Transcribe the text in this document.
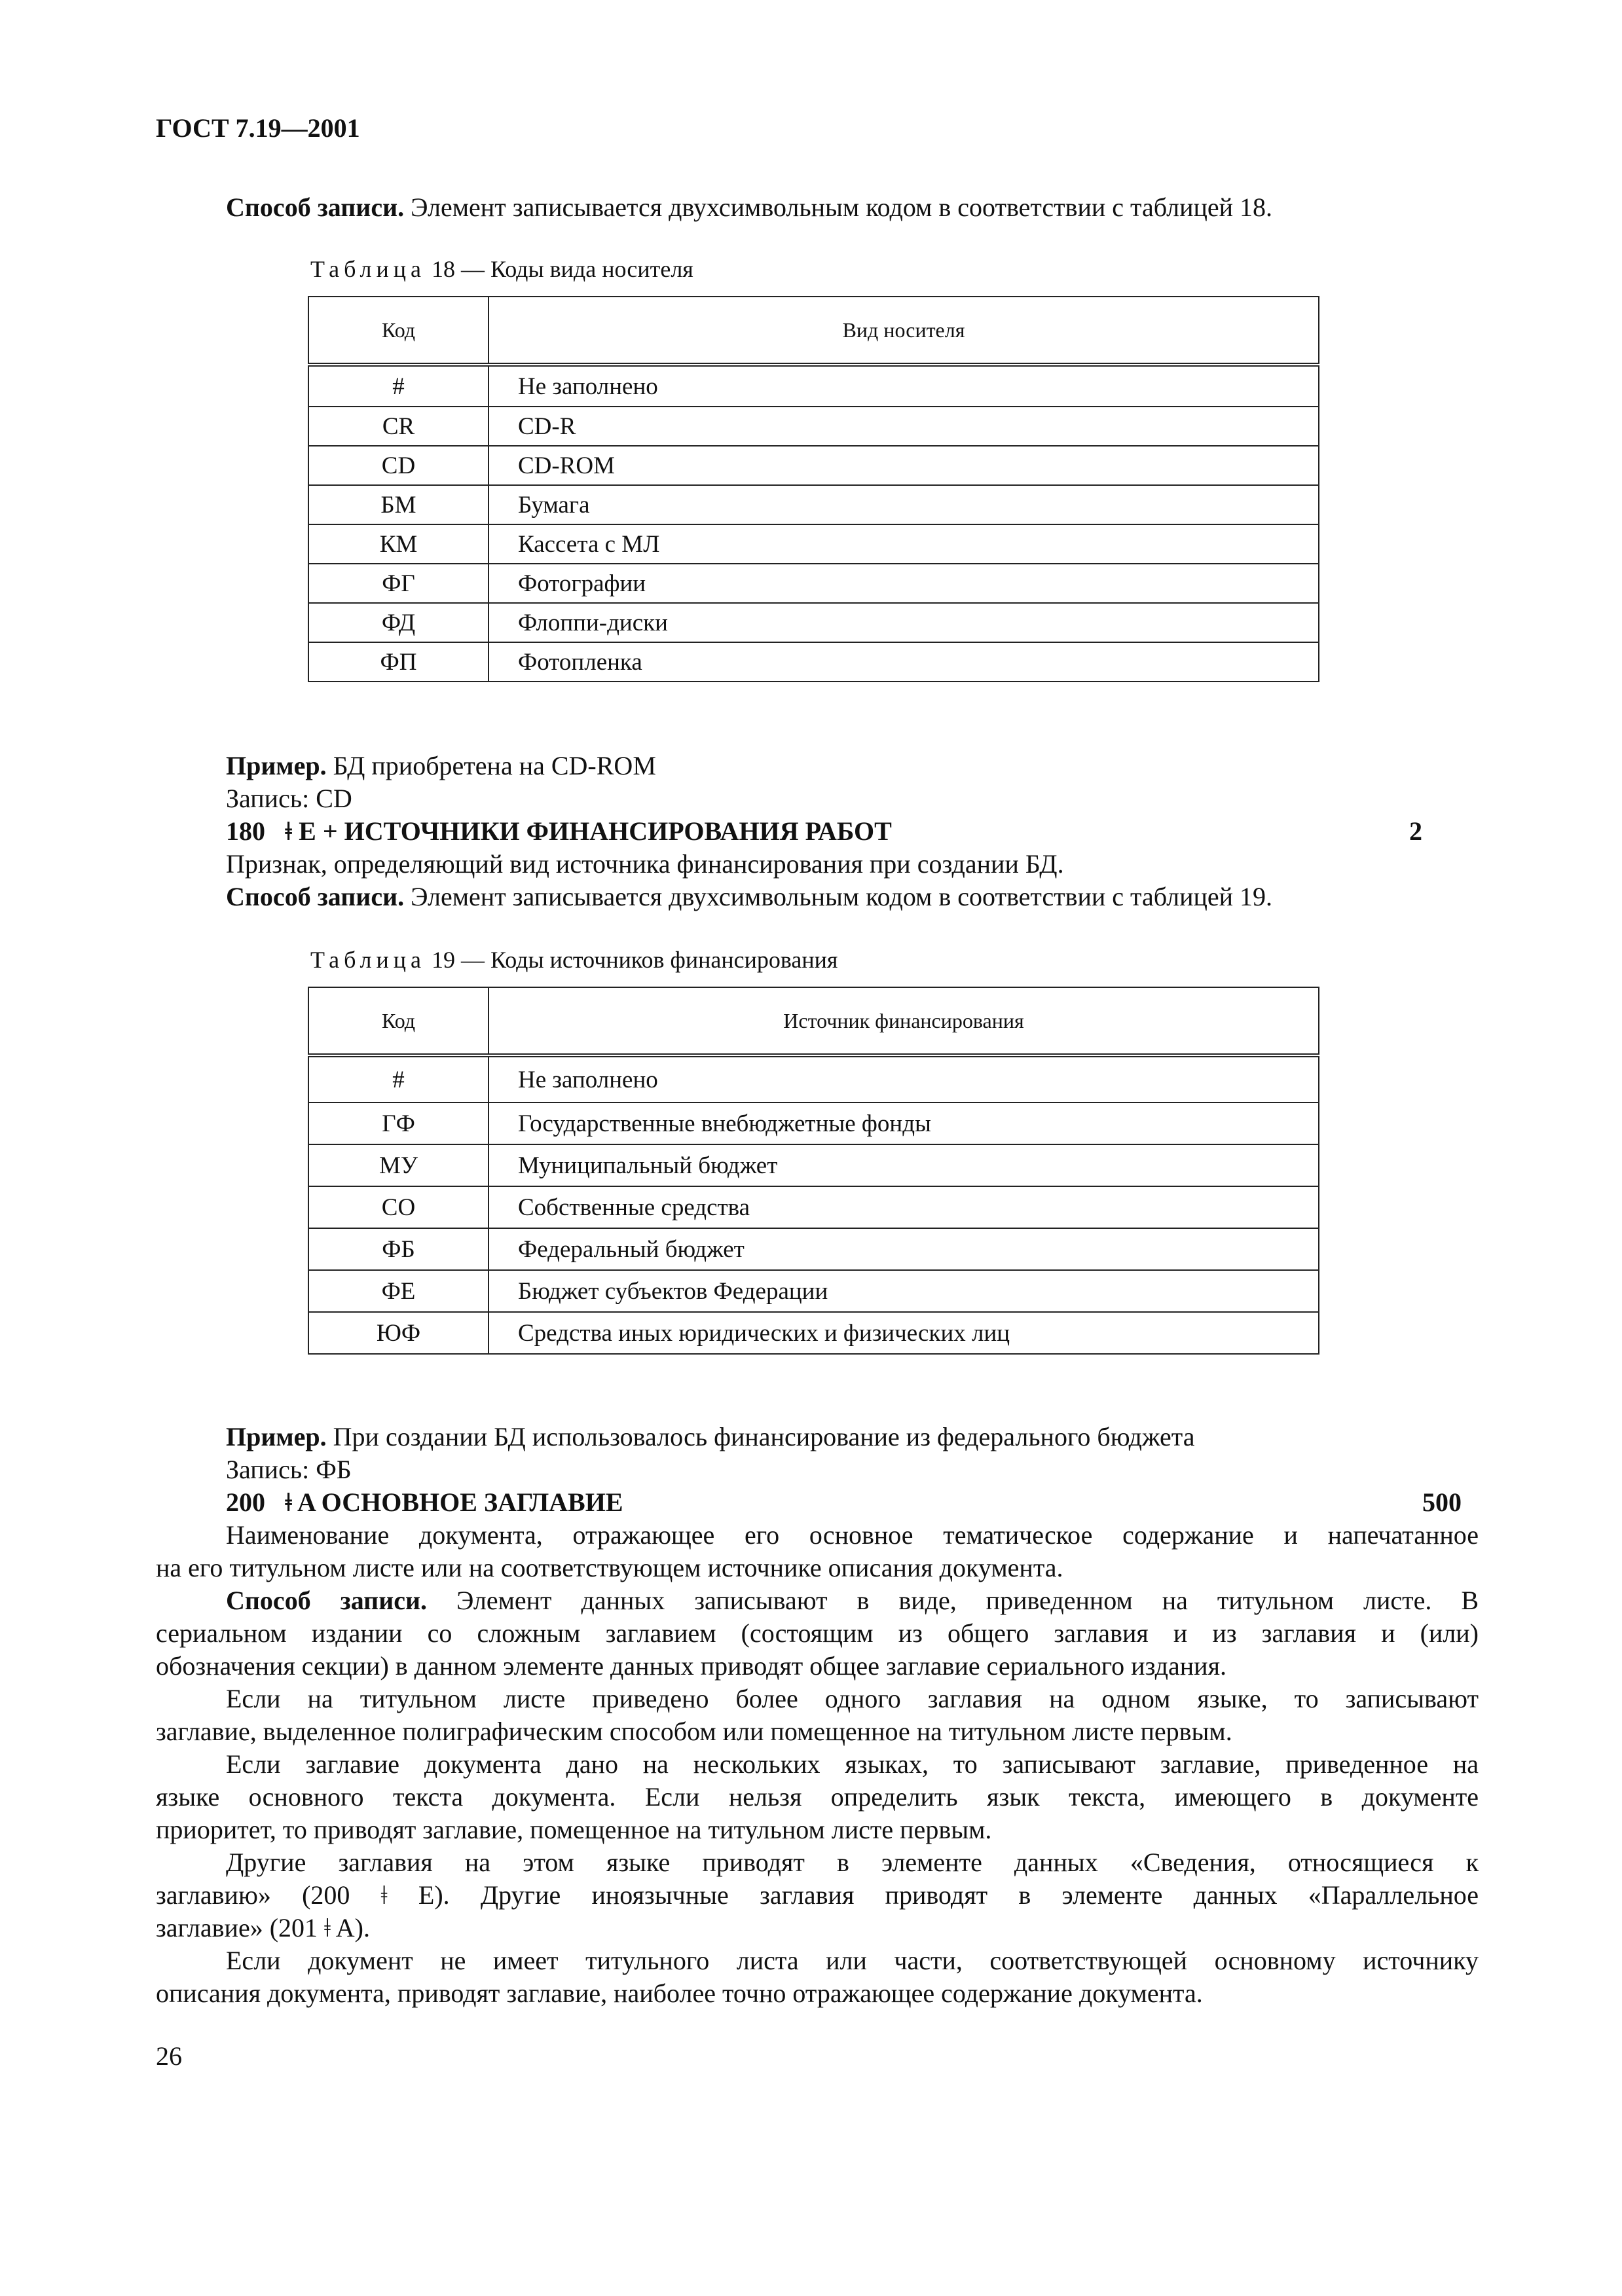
ГОСТ 7.19—2001
Способ записи. Элемент записывается двухсимвольным кодом в соответствии с таблицей 18.
Таблица 18 — Коды вида носителя
Код	Вид носителя
#	Не заполнено
CR	CD-R
CD	CD-ROM
БМ	Бумага
КМ	Кассета с МЛ
ФГ	Фотографии
ФД	Флоппи-диски
ФП	Фотопленка
Пример. БД приобретена на CD-ROM
Запись: CD
180 ǂ E + ИСТОЧНИКИ ФИНАНСИРОВАНИЯ РАБОТ	2
Признак, определяющий вид источника финансирования при создании БД.
Способ записи. Элемент записывается двухсимвольным кодом в соответствии с таблицей 19.
Таблица 19 — Коды источников финансирования
Код	Источник финансирования
#	Не заполнено
ГФ	Государственные внебюджетные фонды
МУ	Муниципальный бюджет
СО	Собственные средства
ФБ	Федеральный бюджет
ФЕ	Бюджет субъектов Федерации
ЮФ	Средства иных юридических и физических лиц
Пример. При создании БД использовалось финансирование из федерального бюджета
Запись: ФБ
200 ǂ A ОСНОВНОЕ ЗАГЛАВИЕ	500
Наименование документа, отражающее его основное тематическое содержание и напечатанное
на его титульном листе или на соответствующем источнике описания документа.
Способ записи. Элемент данных записывают в виде, приведенном на титульном листе. В
сериальном издании со сложным заглавием (состоящим из общего заглавия и из заглавия и (или)
обозначения секции) в данном элементе данных приводят общее заглавие сериального издания.
Если на титульном листе приведено более одного заглавия на одном языке, то записывают
заглавие, выделенное полиграфическим способом или помещенное на титульном листе первым.
Если заглавие документа дано на нескольких языках, то записывают заглавие, приведенное на
языке основного текста документа. Если нельзя определить язык текста, имеющего в документе
приоритет, то приводят заглавие, помещенное на титульном листе первым.
Другие заглавия на этом языке приводят в элементе данных «Сведения, относящиеся к
заглавию» (200 ǂ E). Другие иноязычные заглавия приводят в элементе данных «Параллельное
заглавие» (201 ǂ A).
Если документ не имеет титульного листа или части, соответствующей основному источнику
описания документа, приводят заглавие, наиболее точно отражающее содержание документа.
26
